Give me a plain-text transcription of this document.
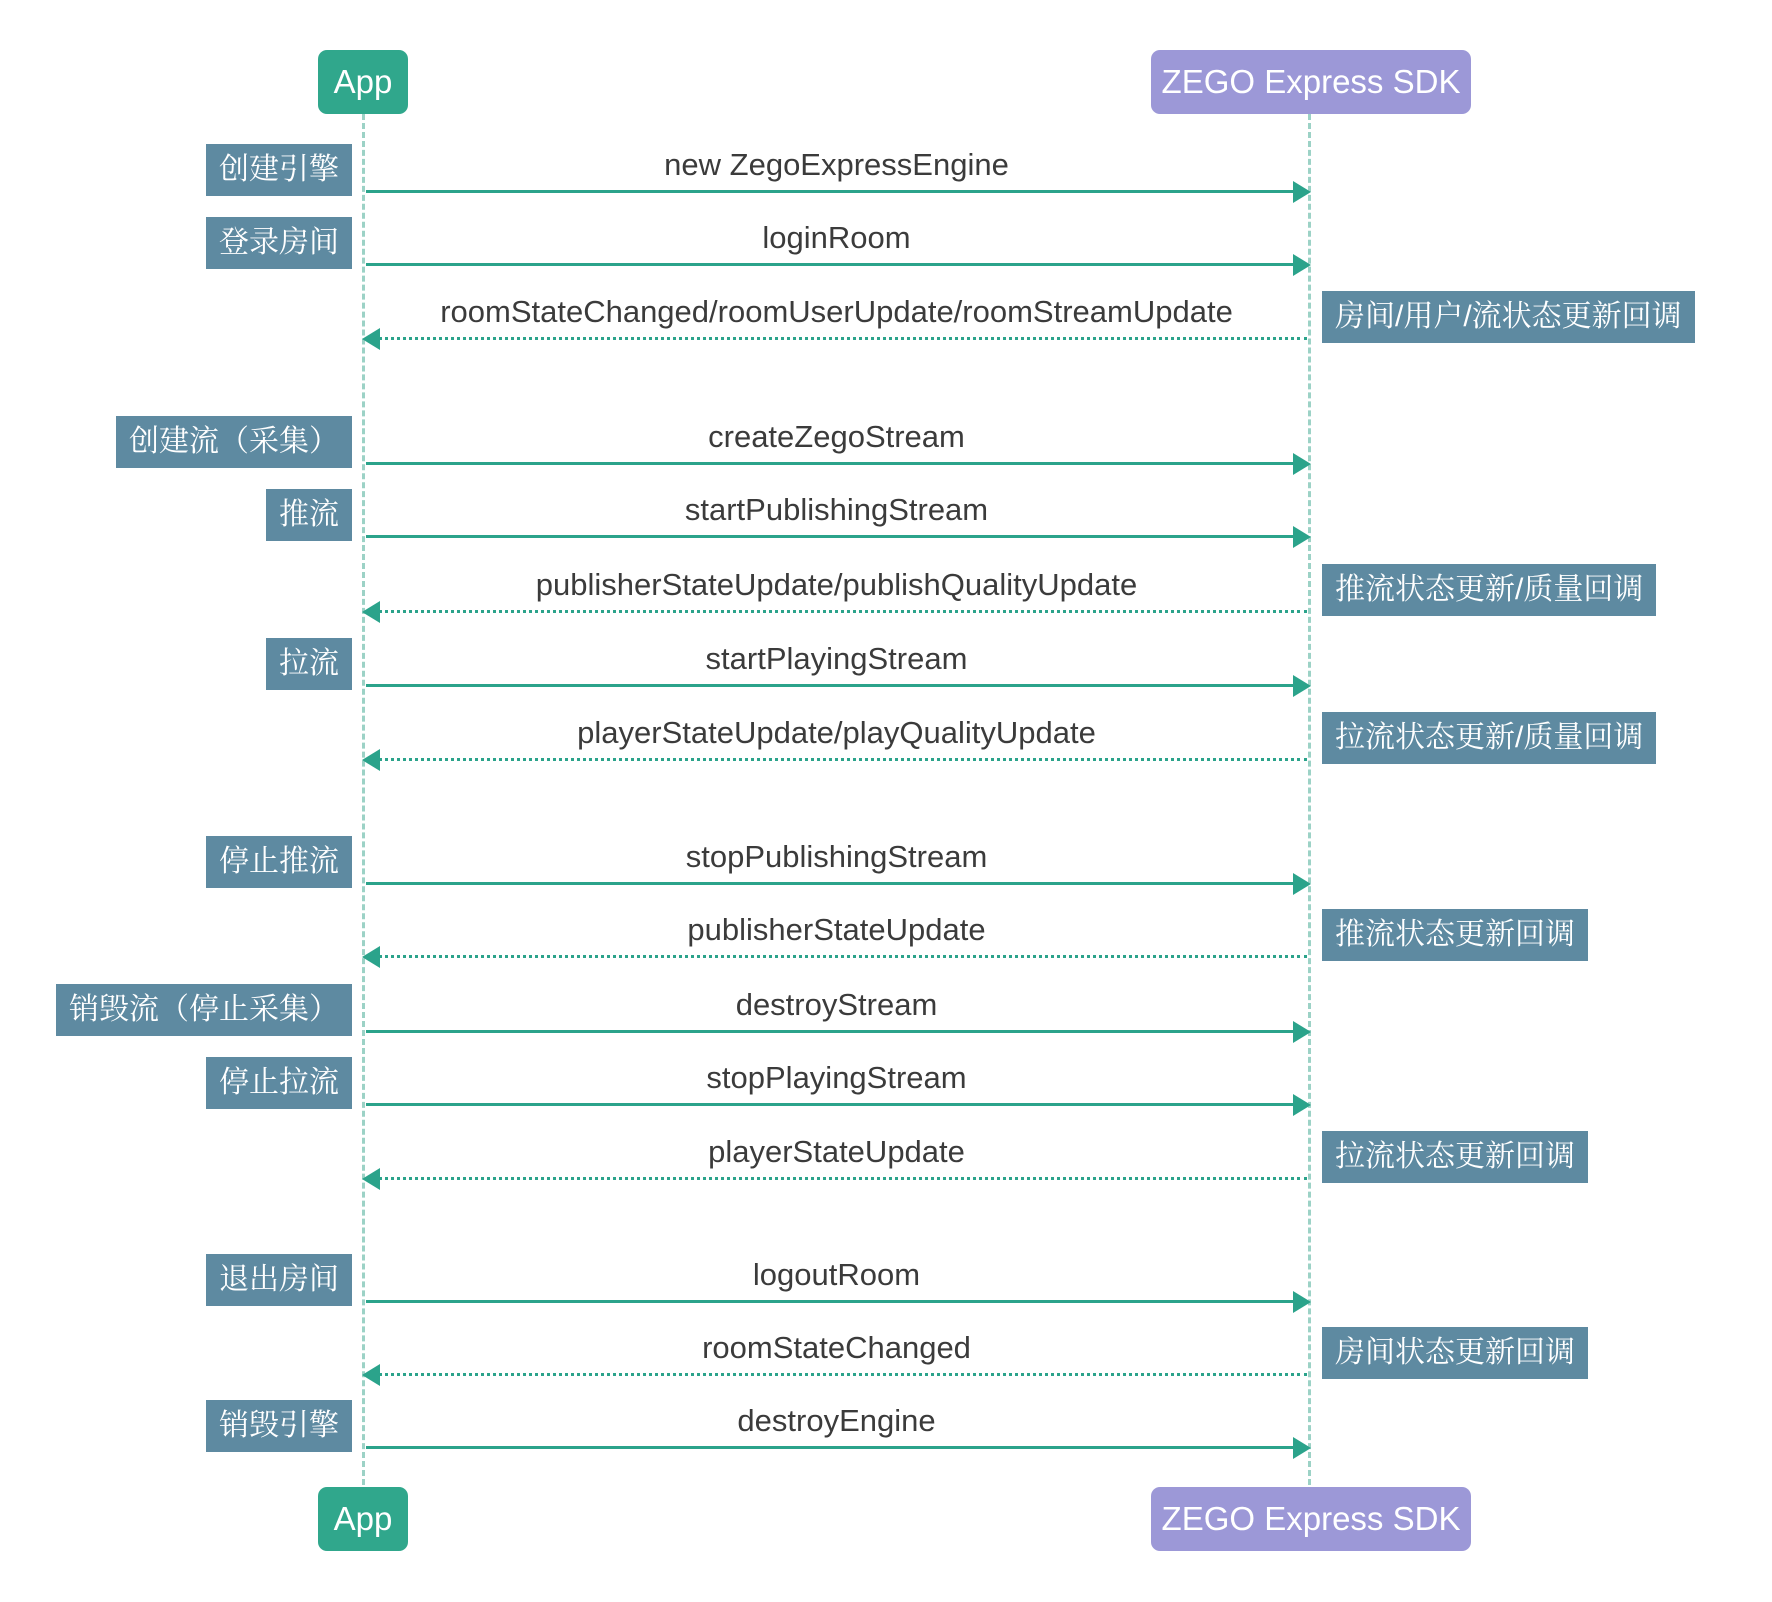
App	ZEGO Express SDK
创建引擎	new ZegoExpressEngine
登录房间	loginRoom
roomStateChanged/roomUserUpdate/roomStreamUpdate	房间/用户/流状态更新回调
创建流（采集）	createZegoStream
推流	startPublishingStream
publisherStateUpdate/publishQualityUpdate	推流状态更新/质量回调
拉流	startPlayingStream
playerStateUpdate/playQualityUpdate	拉流状态更新/质量回调
停止推流	stopPublishingStream
publisherStateUpdate	推流状态更新回调
销毁流（停止采集）	destroyStream
停止拉流	stopPlayingStream
playerStateUpdate	拉流状态更新回调
退出房间	logoutRoom
roomStateChanged	房间状态更新回调
销毁引擎	destroyEngine
App	ZEGO Express SDK
